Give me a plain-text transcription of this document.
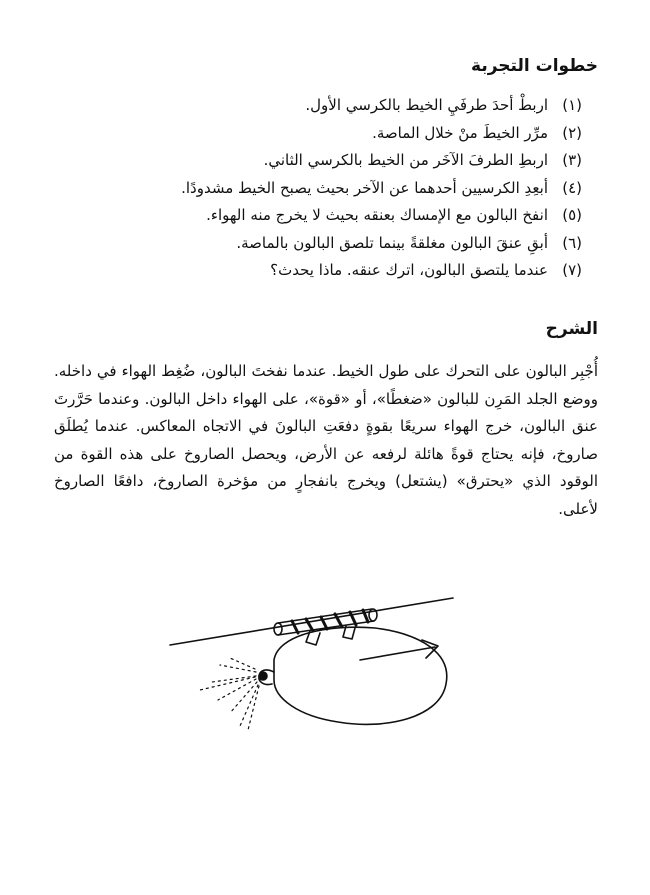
خطوات التجربة
(١)
اربطْ أحدَ طرفَيِ الخيط بالكرسي الأول.
(٢)
مرِّر الخيطَ منْ خلال الماصة.
(٣)
اربطِ الطرفَ الآخَر من الخيط بالكرسي الثاني.
(٤)
أبعِدِ الكرسيين أحدهما عن الآخر بحيث يصبح الخيط مشدودًا.
(٥)
انفخ البالون مع الإمساك بعنقه بحيث لا يخرج منه الهواء.
(٦)
أبقِ عنقَ البالون مغلقةً بينما تلصق البالون بالماصة.
(٧)
عندما يلتصق البالون، اترك عنقه. ماذا يحدث؟
الشرح

أُجْبِر البالون على التحرك على طول الخيط. عندما نفختَ البالون، ضُغِط الهواء في داخله. ووضع الجلد المَرِن للبالون «ضغطًا»، أو «قوة»، على الهواء داخل البالون. وعندما حَرَّرتَ عنق البالون، خرج الهواء سريعًا بقوةٍ دفعَتِ البالونَ في الاتجاه المعاكس. عندما يُطلَق صاروخ، فإنه يحتاج قوةً هائلة لرفعه عن الأرض، ويحصل الصاروخ على هذه القوة من الوقود الذي «يحترق» (يشتعل) ويخرج بانفجارٍ من مؤخرة الصاروخ، دافعًا الصاروخ لأعلى.
